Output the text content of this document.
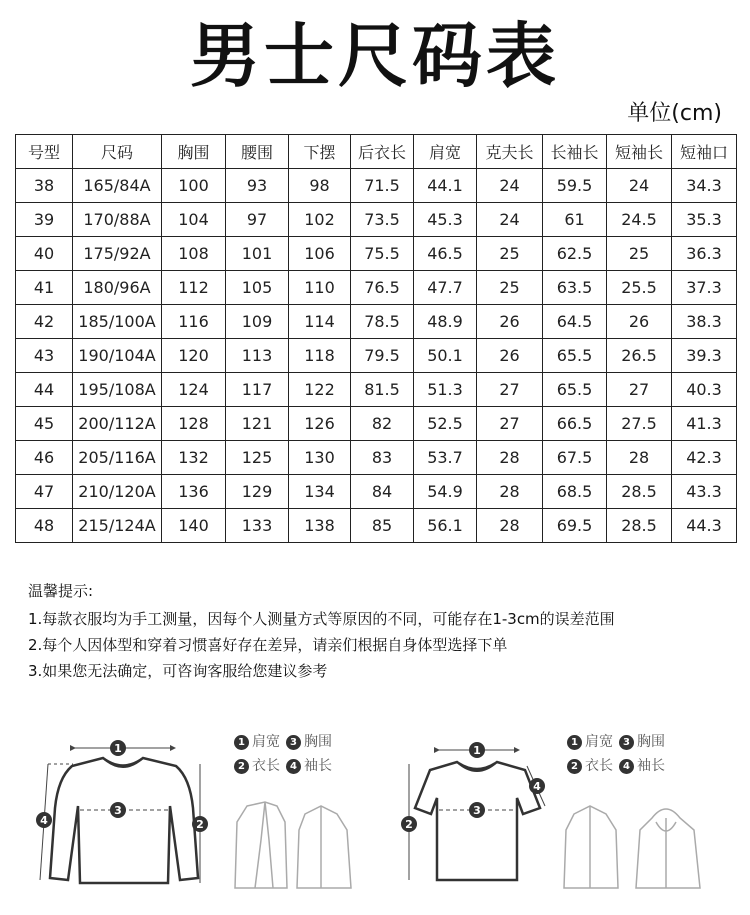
男士尺码表
单位(cm)
号型	尺码	胸围	腰围	下摆	后衣长	肩宽	克夫长	长袖长	短袖长	短袖口
38	165/84A	100	93	98	71.5	44.1	24	59.5	24	34.3
39	170/88A	104	97	102	73.5	45.3	24	61	24.5	35.3
40	175/92A	108	101	106	75.5	46.5	25	62.5	25	36.3
41	180/96A	112	105	110	76.5	47.7	25	63.5	25.5	37.3
42	185/100A	116	109	114	78.5	48.9	26	64.5	26	38.3
43	190/104A	120	113	118	79.5	50.1	26	65.5	26.5	39.3
44	195/108A	124	117	122	81.5	51.3	27	65.5	27	40.3
45	200/112A	128	121	126	82	52.5	27	66.5	27.5	41.3
46	205/116A	132	125	130	83	53.7	28	67.5	28	42.3
47	210/120A	136	129	134	84	54.9	28	68.5	28.5	43.3
48	215/124A	140	133	138	85	56.1	28	69.5	28.5	44.3
温馨提示:
1.每款衣服均为手工测量，因每个人测量方式等原因的不同，可能存在1-3cm的误差范围
2.每个人因体型和穿着习惯喜好存在差异，请亲们根据自身体型选择下单
3.如果您无法确定，可咨询客服给您建议参考
1
3
2
4
1 肩宽	3 胸围
2 衣长	4 袖长
1
3
2
4
1 肩宽	3 胸围
2 衣长	4 袖长
